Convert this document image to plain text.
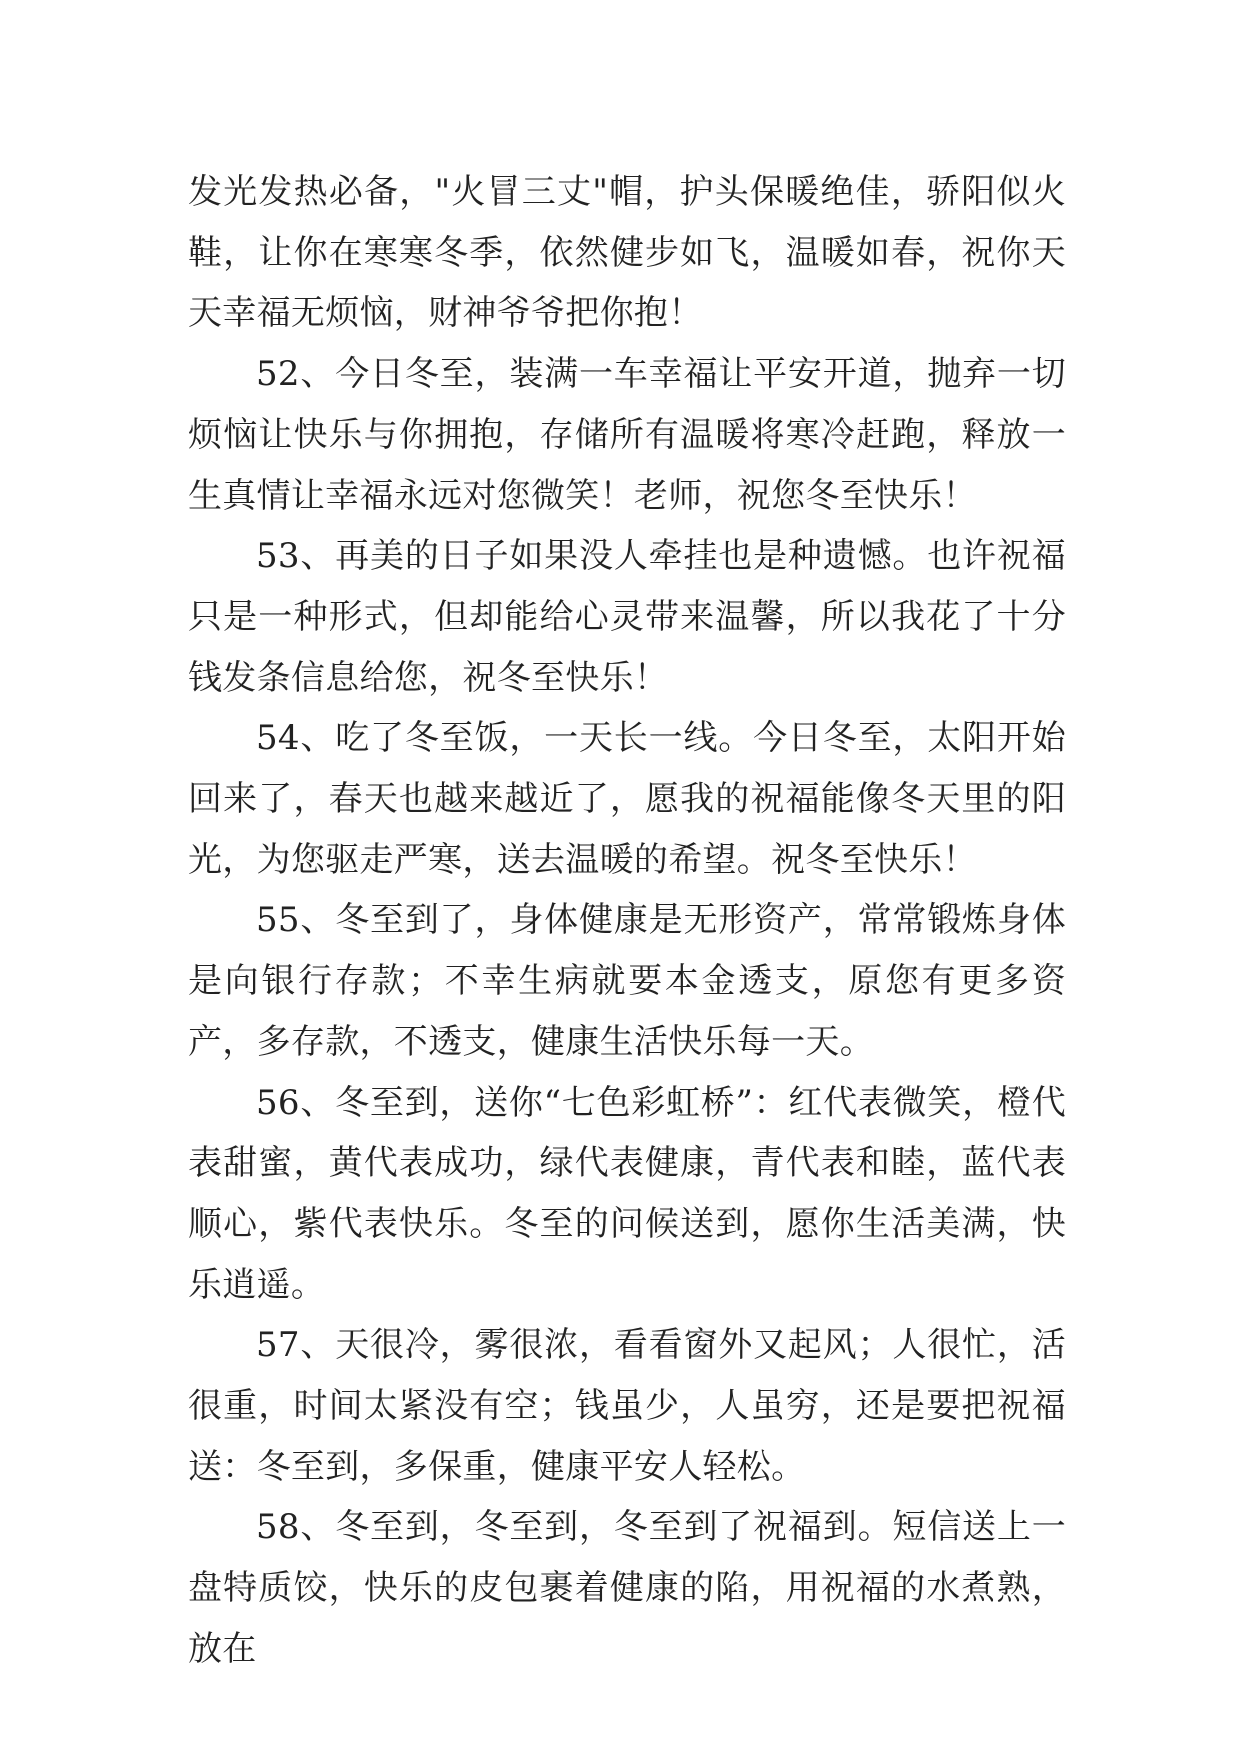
发光发热必备，"火冒三丈"帽，护头保暖绝佳，骄阳似火鞋，让你在寒寒冬季，依然健步如飞，温暖如春，祝你天天幸福无烦恼，财神爷爷把你抱！

52、今日冬至，装满一车幸福让平安开道，抛弃一切烦恼让快乐与你拥抱，存储所有温暖将寒冷赶跑，释放一生真情让幸福永远对您微笑！老师，祝您冬至快乐！

53、再美的日子如果没人牵挂也是种遗憾。也许祝福只是一种形式，但却能给心灵带来温馨，所以我花了十分钱发条信息给您，祝冬至快乐！

54、吃了冬至饭，一天长一线。今日冬至，太阳开始回来了，春天也越来越近了，愿我的祝福能像冬天里的阳光，为您驱走严寒，送去温暖的希望。祝冬至快乐！

55、冬至到了，身体健康是无形资产，常常锻炼身体是向银行存款；不幸生病就要本金透支，原您有更多资产，多存款，不透支，健康生活快乐每一天。

56、冬至到，送你“七色彩虹桥”：红代表微笑，橙代表甜蜜，黄代表成功，绿代表健康，青代表和睦，蓝代表顺心，紫代表快乐。冬至的问候送到，愿你生活美满，快乐逍遥。

57、天很冷，雾很浓，看看窗外又起风；人很忙，活很重，时间太紧没有空；钱虽少，人虽穷，还是要把祝福送：冬至到，多保重，健康平安人轻松。

58、冬至到，冬至到，冬至到了祝福到。短信送上一盘特质饺，快乐的皮包裹着健康的陷，用祝福的水煮熟，放在
